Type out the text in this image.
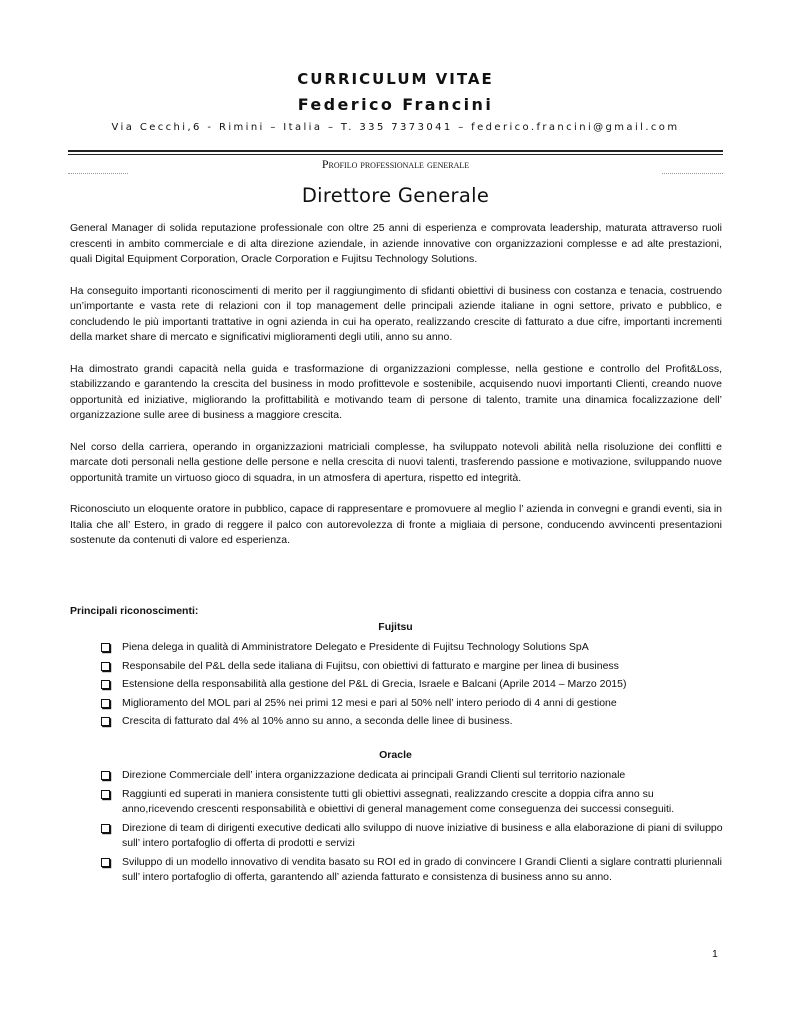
CURRICULUM VITAE
Federico Francini
Via Cecchi,6 - Rimini – Italia – T. 335 7373041 – federico.francini@gmail.com
Profilo professionale generale
Direttore Generale

General Manager di solida reputazione professionale con oltre 25 anni di esperienza e comprovata leadership, maturata attraverso ruoli crescenti in ambito commerciale e di alta direzione aziendale, in aziende innovative con organizzazioni complesse e ad alte prestazioni, quali Digital Equipment Corporation, Oracle Corporation e Fujitsu Technology Solutions.

Ha conseguito importanti riconoscimenti di merito per il raggiungimento di sfidanti obiettivi di business con costanza e tenacia, costruendo un’importante e vasta rete di relazioni con il top management delle principali aziende italiane in ogni settore, privato e pubblico, e concludendo le più importanti trattative in ogni azienda in cui ha operato, realizzando crescite di fatturato a due cifre, importanti incrementi della market share di mercato e significativi miglioramenti degli utili, anno su anno.

Ha dimostrato grandi capacità nella guida e trasformazione di organizzazioni complesse, nella gestione e controllo del Profit&Loss, stabilizzando e garantendo la crescita del business in modo profittevole e sostenibile, acquisendo nuovi importanti Clienti, creando nuove opportunità ed iniziative, migliorando la profittabilità e motivando team di persone di talento, tramite una dinamica focalizzazione dell’ organizzazione sulle aree di business a maggiore crescita.

Nel corso della carriera, operando in organizzazioni matriciali complesse, ha sviluppato notevoli abilità nella risoluzione dei conflitti e marcate doti personali nella gestione delle persone e nella crescita di nuovi talenti, trasferendo passione e motivazione, sviluppando nuove opportunità tramite un virtuoso gioco di squadra, in un atmosfera di apertura, rispetto ed integrità.

Riconosciuto un eloquente oratore in pubblico, capace di rappresentare e promovuere al meglio l’ azienda in convegni e grandi eventi, sia in Italia che all’ Estero, in grado di reggere il palco con autorevolezza di fronte a migliaia di persone, conducendo avvincenti presentazioni sostenute da contenuti di valore ed esperienza.

Principali riconoscimenti:
Fujitsu
Piena delega in qualità di Amministratore Delegato e Presidente di Fujitsu Technology Solutions SpA
Responsabile del P&L della sede italiana di Fujitsu, con obiettivi di fatturato e margine per linea di business
Estensione della responsabilità alla gestione del P&L di Grecia, Israele e Balcani (Aprile 2014 – Marzo 2015)
Miglioramento del MOL pari al 25% nei primi 12 mesi e pari al 50% nell’ intero periodo di 4 anni di gestione
Crescita di fatturato dal 4% al 10% anno su anno, a seconda delle linee di business.
Oracle
Direzione Commerciale dell’ intera organizzazione dedicata ai principali Grandi Clienti sul territorio nazionale
Raggiunti ed superati in maniera consistente tutti gli obiettivi assegnati, realizzando crescite a doppia cifra anno su anno,ricevendo crescenti responsabilità e obiettivi di general management come conseguenza dei successi conseguiti.
Direzione di team di dirigenti executive dedicati allo sviluppo di nuove iniziative di business e alla elaborazione di piani di sviluppo sull’ intero portafoglio di offerta di prodotti e servizi
Sviluppo di un modello innovativo di vendita basato su ROI ed in grado di convincere I Grandi Clienti a siglare contratti pluriennali sull’ intero portafoglio di offerta, garantendo all’ azienda fatturato e consistenza di business anno su anno.
1
